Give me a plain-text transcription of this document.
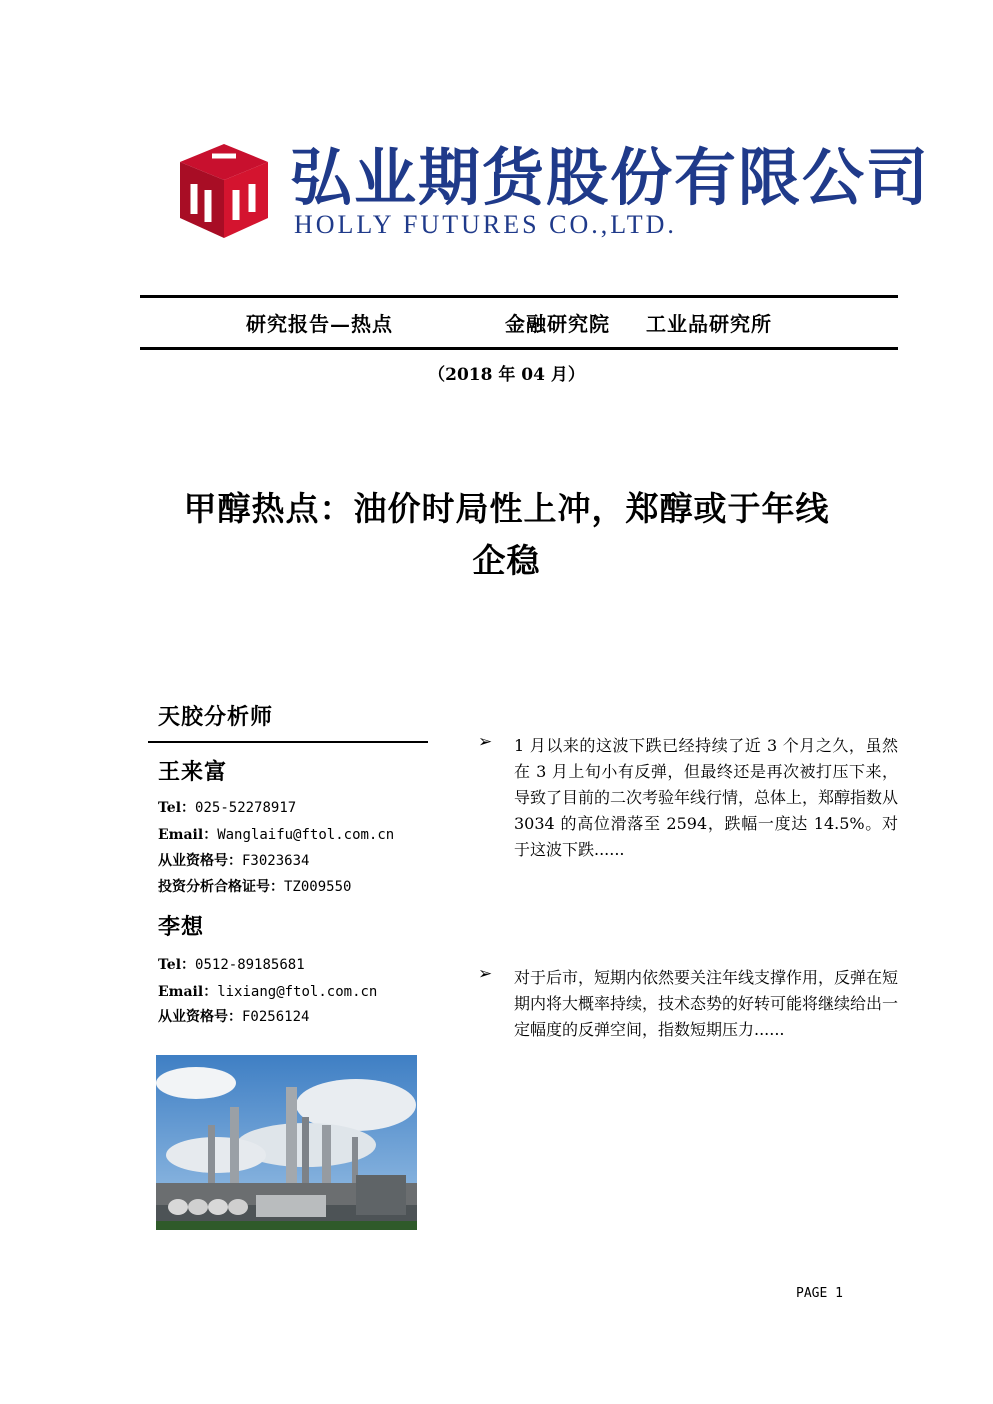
弘业期货股份有限公司
HOLLY FUTURES CO.,LTD.
研究报告—热点	金融研究院 工业品研究所
（2018 年 04 月）
甲醇热点：油价时局性上冲，郑醇或于年线
企稳
天胶分析师
王来富
Tel：025-52278917
Email：Wanglaifu@ftol.com.cn
从业资格号：F3023634
投资分析合格证号：TZ009550
李想
Tel：0512-89185681
Email：lixiang@ftol.com.cn
从业资格号：F0256124
➢ 1 月以来的这波下跌已经持续了近 3 个月之久，虽然在 3 月上旬小有反弹，但最终还是再次被打压下来，导致了目前的二次考验年线行情，总体上，郑醇指数从 3034 的高位滑落至 2594，跌幅一度达 14.5%。对于这波下跌......
➢ 对于后市，短期内依然要关注年线支撑作用，反弹在短期内将大概率持续，技术态势的好转可能将继续给出一定幅度的反弹空间，指数短期压力......
PAGE 1
